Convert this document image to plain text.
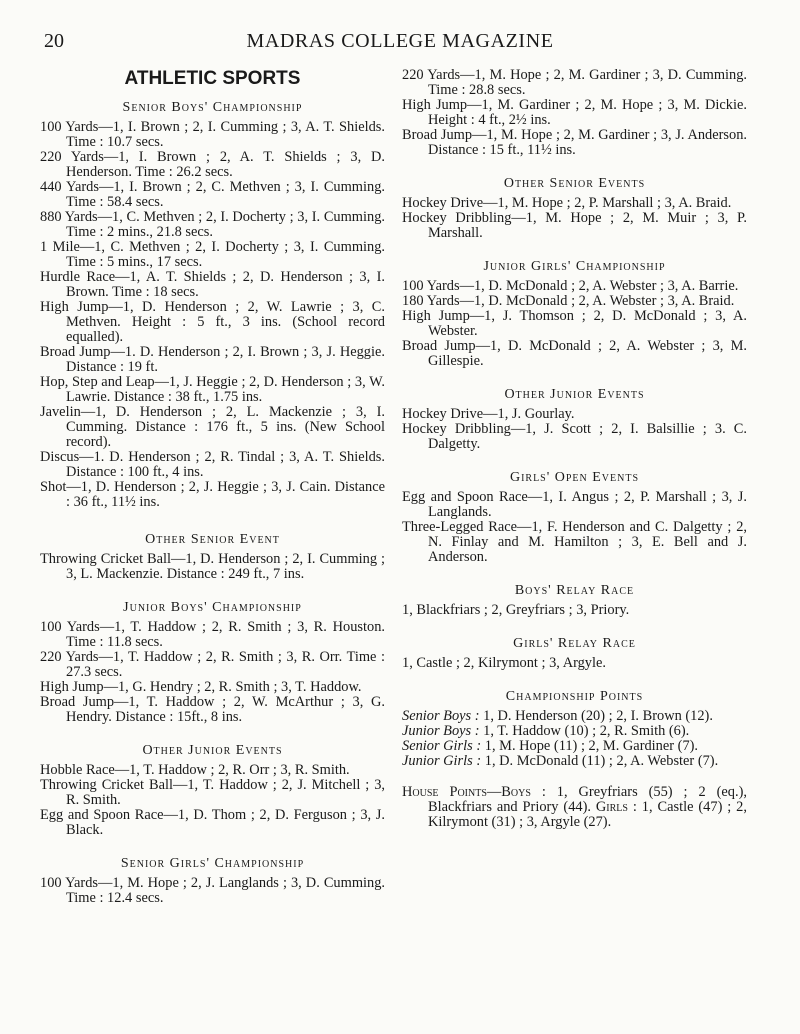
20	MADRAS COLLEGE MAGAZINE
ATHLETIC SPORTS
Senior Boys' Championship

100 Yards—1, I. Brown ; 2, I. Cumming ; 3, A. T. Shields. Time : 10.7 secs.

220 Yards—1, I. Brown ; 2, A. T. Shields ; 3, D. Henderson. Time : 26.2 secs.

440 Yards—1, I. Brown ; 2, C. Methven ; 3, I. Cumming. Time : 58.4 secs.

880 Yards—1, C. Methven ; 2, I. Docherty ; 3, I. Cumming. Time : 2 mins., 21.8 secs.

1 Mile—1, C. Methven ; 2, I. Docherty ; 3, I. Cumming. Time : 5 mins., 17 secs.

Hurdle Race—1, A. T. Shields ; 2, D. Henderson ; 3, I. Brown. Time : 18 secs.

High Jump—1, D. Henderson ; 2, W. Lawrie ; 3, C. Methven. Height : 5 ft., 3 ins. (School record equalled).

Broad Jump—1. D. Henderson ; 2, I. Brown ; 3, J. Heggie. Distance : 19 ft.

Hop, Step and Leap—1, J. Heggie ; 2, D. Henderson ; 3, W. Lawrie. Distance : 38 ft., 1.75 ins.

Javelin—1, D. Henderson ; 2, L. Mackenzie ; 3, I. Cumming. Distance : 176 ft., 5 ins. (New School record).

Discus—1. D. Henderson ; 2, R. Tindal ; 3, A. T. Shields. Distance : 100 ft., 4 ins.

Shot—1, D. Henderson ; 2, J. Heggie ; 3, J. Cain. Distance : 36 ft., 11½ ins.

Other Senior Event

Throwing Cricket Ball—1, D. Henderson ; 2, I. Cumming ; 3, L. Mackenzie. Distance : 249 ft., 7 ins.

Junior Boys' Championship

100 Yards—1, T. Haddow ; 2, R. Smith ; 3, R. Houston. Time : 11.8 secs.

220 Yards—1, T. Haddow ; 2, R. Smith ; 3, R. Orr. Time : 27.3 secs.

High Jump—1, G. Hendry ; 2, R. Smith ; 3, T. Haddow.

Broad Jump—1, T. Haddow ; 2, W. McArthur ; 3, G. Hendry. Distance : 15ft., 8 ins.

Other Junior Events

Hobble Race—1, T. Haddow ; 2, R. Orr ; 3, R. Smith.

Throwing Cricket Ball—1, T. Haddow ; 2, J. Mitchell ; 3, R. Smith.

Egg and Spoon Race—1, D. Thom ; 2, D. Ferguson ; 3, J. Black.

Senior Girls' Championship

100 Yards—1, M. Hope ; 2, J. Langlands ; 3, D. Cumming. Time : 12.4 secs.

220 Yards—1, M. Hope ; 2, M. Gardiner ; 3, D. Cumming. Time : 28.8 secs.

High Jump—1, M. Gardiner ; 2, M. Hope ; 3, M. Dickie. Height : 4 ft., 2½ ins.

Broad Jump—1, M. Hope ; 2, M. Gardiner ; 3, J. Anderson. Distance : 15 ft., 11½ ins.

Other Senior Events

Hockey Drive—1, M. Hope ; 2, P. Marshall ; 3, A. Braid.

Hockey Dribbling—1, M. Hope ; 2, M. Muir ; 3, P. Marshall.

Junior Girls' Championship

100 Yards—1, D. McDonald ; 2, A. Webster ; 3, A. Barrie.

180 Yards—1, D. McDonald ; 2, A. Webster ; 3, A. Braid.

High Jump—1, J. Thomson ; 2, D. McDonald ; 3, A. Webster.

Broad Jump—1, D. McDonald ; 2, A. Webster ; 3, M. Gillespie.

Other Junior Events

Hockey Drive—1, J. Gourlay.

Hockey Dribbling—1, J. Scott ; 2, I. Balsillie ; 3. C. Dalgetty.

Girls' Open Events

Egg and Spoon Race—1, I. Angus ; 2, P. Marshall ; 3, J. Langlands.

Three-Legged Race—1, F. Henderson and C. Dalgetty ; 2, N. Finlay and M. Hamilton ; 3, E. Bell and J. Anderson.

Boys' Relay Race

1, Blackfriars ; 2, Greyfriars ; 3, Priory.

Girls' Relay Race

1, Castle ; 2, Kilrymont ; 3, Argyle.

Championship Points

Senior Boys : 1, D. Henderson (20) ; 2, I. Brown (12).

Junior Boys : 1, T. Haddow (10) ; 2, R. Smith (6).

Senior Girls : 1, M. Hope (11) ; 2, M. Gardiner (7).

Junior Girls : 1, D. McDonald (11) ; 2, A. Webster (7).

House Points—Boys : 1, Greyfriars (55) ; 2 (eq.), Blackfriars and Priory (44). Girls : 1, Castle (47) ; 2, Kilrymont (31) ; 3, Argyle (27).
